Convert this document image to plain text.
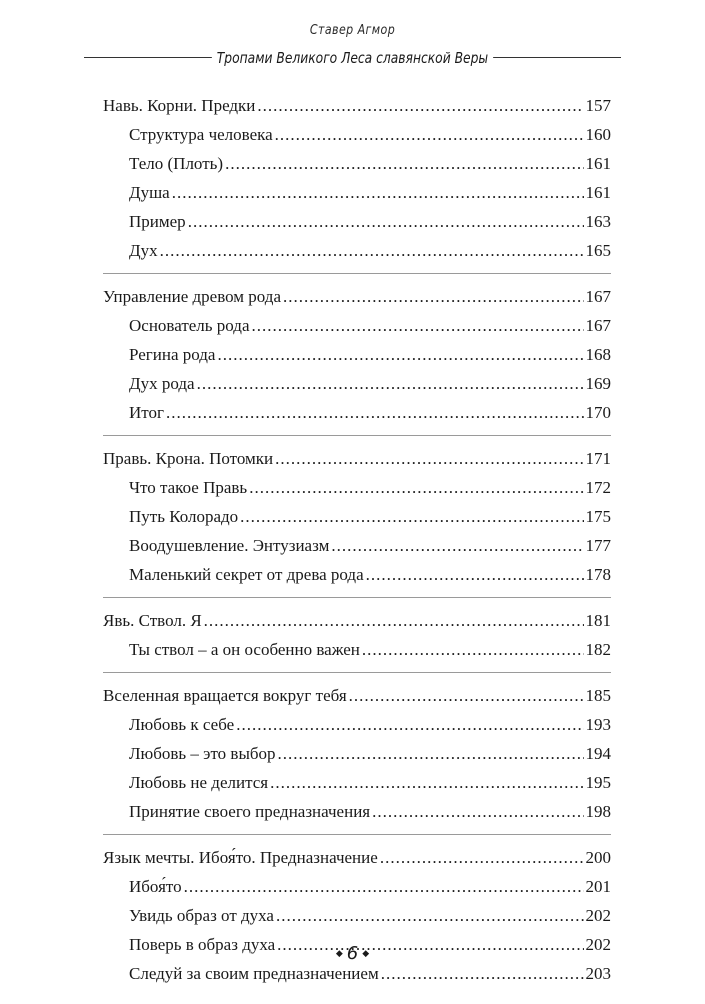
Ставер Агмор
Тропами Великого Леса славянской Веры
Навь. Корни. Предки .....	157
Структура человека .....	160
Тело (Плоть) .....	161
Душа .....	161
Пример .....	163
Дух .....	165
Управление древом рода .....	167
Основатель рода .....	167
Регина рода .....	168
Дух рода .....	169
Итог .....	170
Правь. Крона. Потомки .....	171
Что такое Правь .....	172
Путь Колорадо .....	175
Воодушевление. Энтузиазм .....	177
Маленький секрет от древа рода .....	178
Явь. Ствол. Я .....	181
Ты ствол – а он особенно важен .....	182
Вселенная вращается вокруг тебя .....	185
Любовь к себе .....	193
Любовь – это выбор .....	194
Любовь не делится .....	195
Принятие своего предназначения .....	198
Язык мечты. Ибоя́то. Предназначение .....	200
Ибоя́то .....	201
Увидь образ от духа .....	202
Поверь в образ духа .....	202
Следуй за своим предназначением .....	203
◆ 6 ◆
